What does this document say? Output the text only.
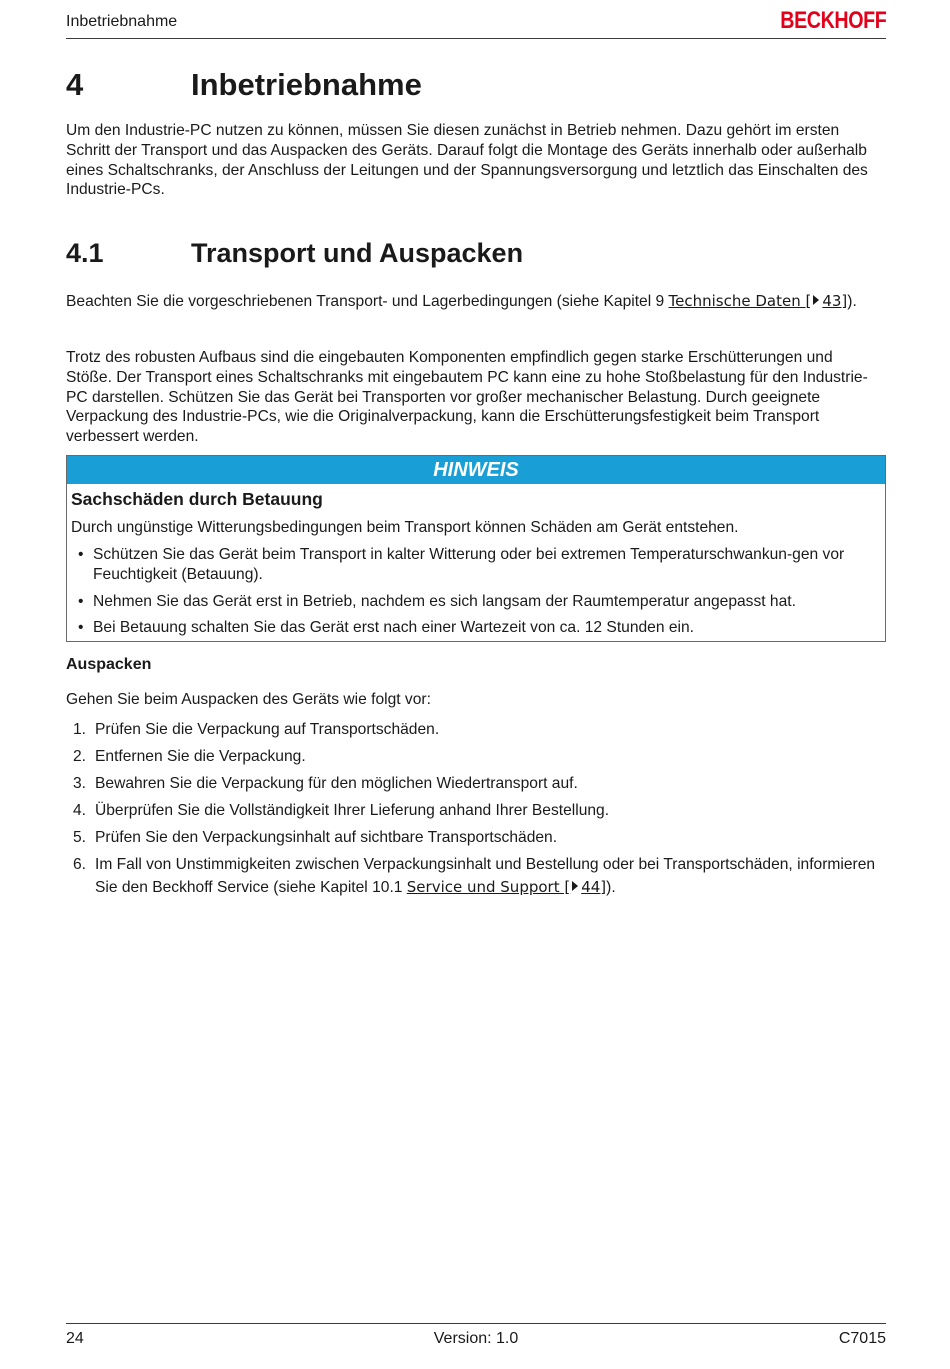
Inbetriebnahme	BECKHOFF
4	Inbetriebnahme

Um den Industrie-PC nutzen zu können, müssen Sie diesen zunächst in Betrieb nehmen. Dazu gehört im ersten Schritt der Transport und das Auspacken des Geräts. Darauf folgt die Montage des Geräts innerhalb oder außerhalb eines Schaltschranks, der Anschluss der Leitungen und der Spannungsversorgung und letztlich das Einschalten des Industrie-PCs.

4.1	Transport und Auspacken

Beachten Sie die vorgeschriebenen Transport- und Lagerbedingungen (siehe Kapitel 9 Technische Daten [ 43]).

Trotz des robusten Aufbaus sind die eingebauten Komponenten empfindlich gegen starke Erschütterungen und Stöße. Der Transport eines Schaltschranks mit eingebautem PC kann eine zu hohe Stoßbelastung für den Industrie-PC darstellen. Schützen Sie das Gerät bei Transporten vor großer mechanischer Belastung. Durch geeignete Verpackung des Industrie-PCs, wie die Originalverpackung, kann die Erschütterungsfestigkeit beim Transport verbessert werden.

HINWEIS
Sachschäden durch Betauung
Durch ungünstige Witterungsbedingungen beim Transport können Schäden am Gerät entstehen.
• Schützen Sie das Gerät beim Transport in kalter Witterung oder bei extremen Temperaturschwankun-gen vor Feuchtigkeit (Betauung).
• Nehmen Sie das Gerät erst in Betrieb, nachdem es sich langsam der Raumtemperatur angepasst hat.
• Bei Betauung schalten Sie das Gerät erst nach einer Wartezeit von ca. 12 Stunden ein.
Auspacken

Gehen Sie beim Auspacken des Geräts wie folgt vor:

1. Prüfen Sie die Verpackung auf Transportschäden.
2. Entfernen Sie die Verpackung.
3. Bewahren Sie die Verpackung für den möglichen Wiedertransport auf.
4. Überprüfen Sie die Vollständigkeit Ihrer Lieferung anhand Ihrer Bestellung.
5. Prüfen Sie den Verpackungsinhalt auf sichtbare Transportschäden.
6. Im Fall von Unstimmigkeiten zwischen Verpackungsinhalt und Bestellung oder bei Transportschäden, informieren Sie den Beckhoff Service (siehe Kapitel 10.1 Service und Support [ 44]).
24	Version: 1.0	C7015
